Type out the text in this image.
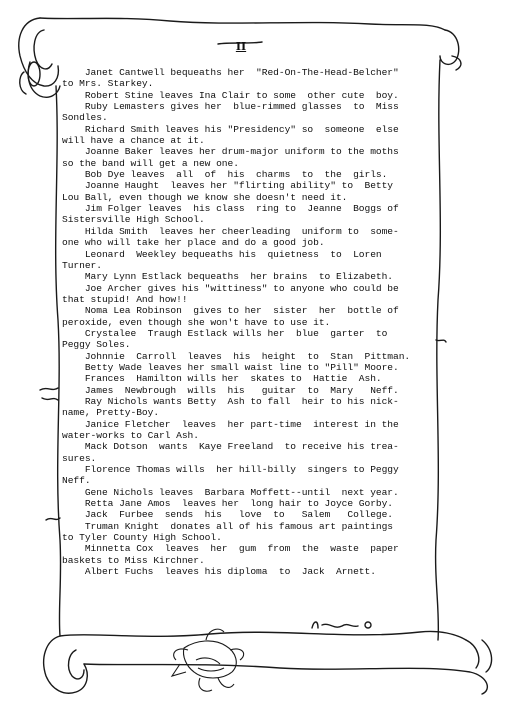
II
Janet Cantwell bequeaths her  "Red-On-The-Head-Belcher"
to Mrs. Starkey.
Robert Stine leaves Ina Clair to some  other cute  boy.
Ruby Lemasters gives her  blue-rimmed glasses  to  Miss
Sondles.
Richard Smith leaves his "Presidency" so  someone  else
will have a chance at it.
Joanne Baker leaves her drum-major uniform to the moths
so the band will get a new one.
Bob Dye leaves  all  of  his  charms  to  the  girls.
Joanne Haught  leaves her "flirting ability" to  Betty
Lou Ball, even though we know she doesn't need it.
Jim Folger leaves  his class  ring to  Jeanne  Boggs of
Sistersville High School.
Hilda Smith  leaves her cheerleading  uniform to  some-
one who will take her place and do a good job.
Leonard  Weekley bequeaths his  quietness  to  Loren
Turner.
Mary Lynn Estlack bequeaths  her brains  to Elizabeth.
Joe Archer gives his "wittiness" to anyone who could be
that stupid! And how!!
Noma Lea Robinson  gives to her  sister  her  bottle of
peroxide, even though she won't have to use it.
Crystalee  Traugh Estlack wills her  blue  garter  to
Peggy Soles.
Johnnie  Carroll  leaves  his  height  to  Stan  Pittman.
Betty Wade leaves her small waist line to "Pill" Moore.
Frances  Hamilton wills her  skates to  Hattie  Ash.
James  Newbrough  wills  his   guitar  to  Mary   Neff.
Ray Nichols wants Betty  Ash to fall  heir to his nick-
name, Pretty-Boy.
Janice Fletcher  leaves  her part-time  interest in the
water-works to Carl Ash.
Mack Dotson  wants  Kaye Freeland  to receive his trea-
sures.
Florence Thomas wills  her hill-billy  singers to Peggy
Neff.
Gene Nichols leaves  Barbara Moffett--until  next year.
Retta Jane Amos  leaves her  long hair to Joyce Gorby.
Jack  Furbee  sends  his   love  to   Salem   College.
Truman Knight  donates all of his famous art paintings
to Tyler County High School.
Minnetta Cox  leaves  her  gum  from  the  waste  paper
baskets to Miss Kirchner.
Albert Fuchs  leaves his diploma  to  Jack  Arnett.
